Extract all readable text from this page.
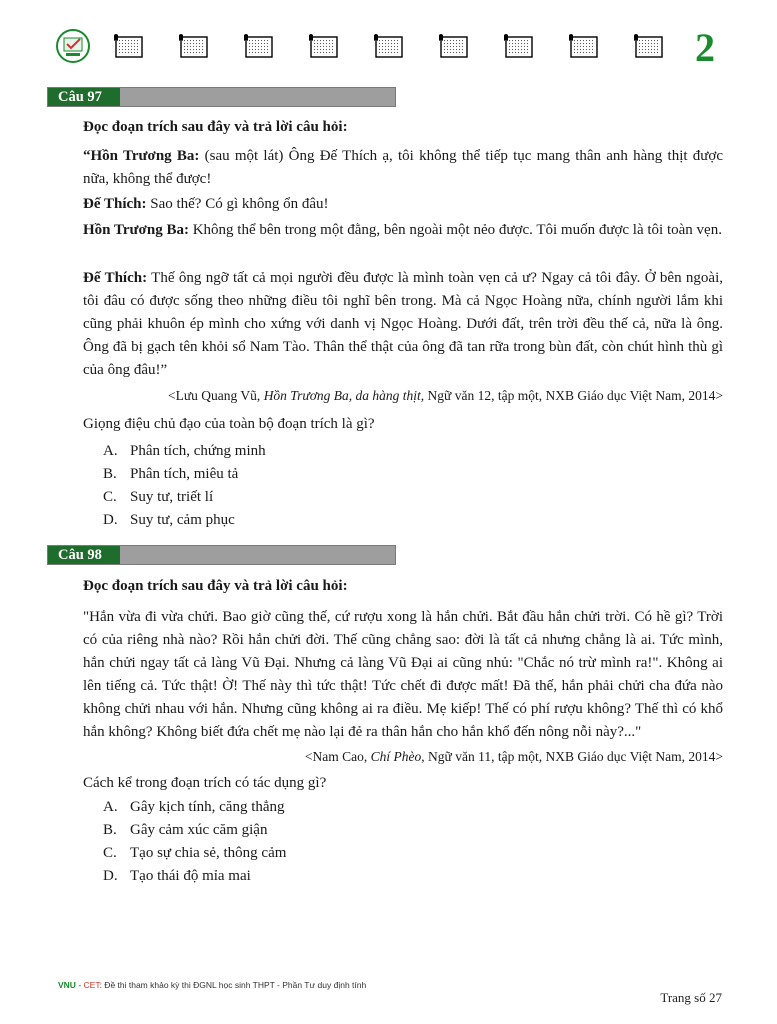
2
Câu 97
Đọc đoạn trích sau đây và trả lời câu hỏi:
“Hồn Trương Ba: (sau một lát) Ông Đế Thích ạ, tôi không thể tiếp tục mang thân anh hàng thịt được nữa, không thể được!
Đế Thích: Sao thế? Có gì không ổn đâu!
Hồn Trương Ba: Không thể bên trong một đằng, bên ngoài một nẻo được. Tôi muốn được là tôi toàn vẹn.
Đế Thích: Thế ông ngỡ tất cả mọi người đều được là mình toàn vẹn cả ư? Ngay cả tôi đây. Ở bên ngoài, tôi đâu có được sống theo những điều tôi nghĩ bên trong. Mà cả Ngọc Hoàng nữa, chính người lắm khi cũng phải khuôn ép mình cho xứng với danh vị Ngọc Hoàng. Dưới đất, trên trời đều thế cả, nữa là ông. Ông đã bị gạch tên khỏi sổ Nam Tào. Thân thể thật của ông đã tan rữa trong bùn đất, còn chút hình thù gì của ông đâu!”
<Lưu Quang Vũ, Hồn Trương Ba, da hàng thịt, Ngữ văn 12, tập một, NXB Giáo dục Việt Nam, 2014>
Giọng điệu chủ đạo của toàn bộ đoạn trích là gì?
A. Phân tích, chứng minh
B. Phân tích, miêu tả
C. Suy tư, triết lí
D. Suy tư, cảm phục
Câu 98
Đọc đoạn trích sau đây và trả lời câu hỏi:
"Hắn vừa đi vừa chửi. Bao giờ cũng thế, cứ rượu xong là hắn chửi. Bắt đầu hắn chửi trời. Có hề gì? Trời có của riêng nhà nào? Rồi hắn chửi đời. Thế cũng chẳng sao: đời là tất cả nhưng chẳng là ai. Tức mình, hắn chửi ngay tất cả làng Vũ Đại. Nhưng cả làng Vũ Đại ai cũng nhủ: "Chắc nó trừ mình ra!". Không ai lên tiếng cả. Tức thật! Ờ! Thế này thì tức thật! Tức chết đi được mất! Đã thế, hắn phải chửi cha đứa nào không chửi nhau với hắn. Nhưng cũng không ai ra điều. Mẹ kiếp! Thế có phí rượu không? Thế thì có khổ hắn không? Không biết đứa chết mẹ nào lại đẻ ra thân hắn cho hắn khổ đến nông nỗi này?..."
<Nam Cao, Chí Phèo, Ngữ văn 11, tập một, NXB Giáo dục Việt Nam, 2014>
Cách kể trong đoạn trích có tác dụng gì?
A. Gây kịch tính, căng thẳng
B. Gây cảm xúc căm giận
C. Tạo sự chia sẻ, thông cảm
D. Tạo thái độ mỉa mai
VNU - CET: Đề thi tham khảo kỳ thi ĐGNL học sinh THPT - Phần Tư duy định tính
Trang số 27
